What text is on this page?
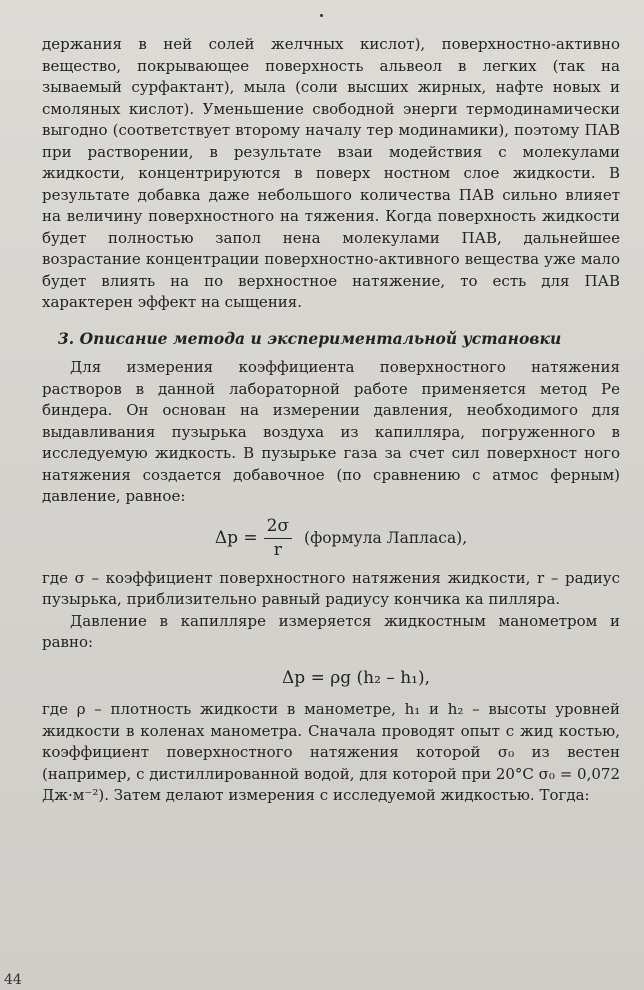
держания в ней солей желчных кислот), поверхностно-активно вещество, покрывающее поверхность альвеол в легких (так на зываемый сурфактант), мыла (соли высших жирных, нафте новых и смоляных кислот). Уменьшение свободной энерги термодинамически выгодно (соответствует второму началу тер модинамики), поэтому ПАВ при растворении, в результате взаи модействия с молекулами жидкости, концентрируются в поверх ностном слое жидкости. В результате добавка даже небольшого количества ПАВ сильно влияет на величину поверхностного на тяжения. Когда поверхность жидкости будет полностью запол нена молекулами ПАВ, дальнейшее возрастание концентрации поверхностно-активного вещества уже мало будет влиять на по верхностное натяжение, то есть для ПАВ характерен эффект на сыщения.

3. Описание метода и экспериментальной установки

Для измерения коэффициента поверхностного натяжения растворов в данной лабораторной работе применяется метод Ре биндера. Он основан на измерении давления, необходимого для выдавливания пузырька воздуха из капилляра, погруженного в исследуемую жидкость. В пузырьке газа за счет сил поверхност ного натяжения создается добавочное (по сравнению с атмос ферным) давление, равное:

$\Delta p = \frac{2\sigma}{r}$ (формула Лапласа),

где σ – коэффициент поверхностного натяжения жидкости, r – радиус пузырька, приблизительно равный радиусу кончика ка пилляра.

Давление в капилляре измеряется жидкостным манометром и равно:

Δp = ρg (h₂ – h₁),

где ρ – плотность жидкости в манометре, h₁ и h₂ – высоты уровней жидкости в коленах манометра. Сначала проводят опыт с жид костью, коэффициент поверхностного натяжения которой σ₀ из вестен (например, с дистиллированной водой, для которой при 20°C σ₀ = 0,072 Дж·м⁻²). Затем делают измерения с исследуемой жидкостью. Тогда:

44
